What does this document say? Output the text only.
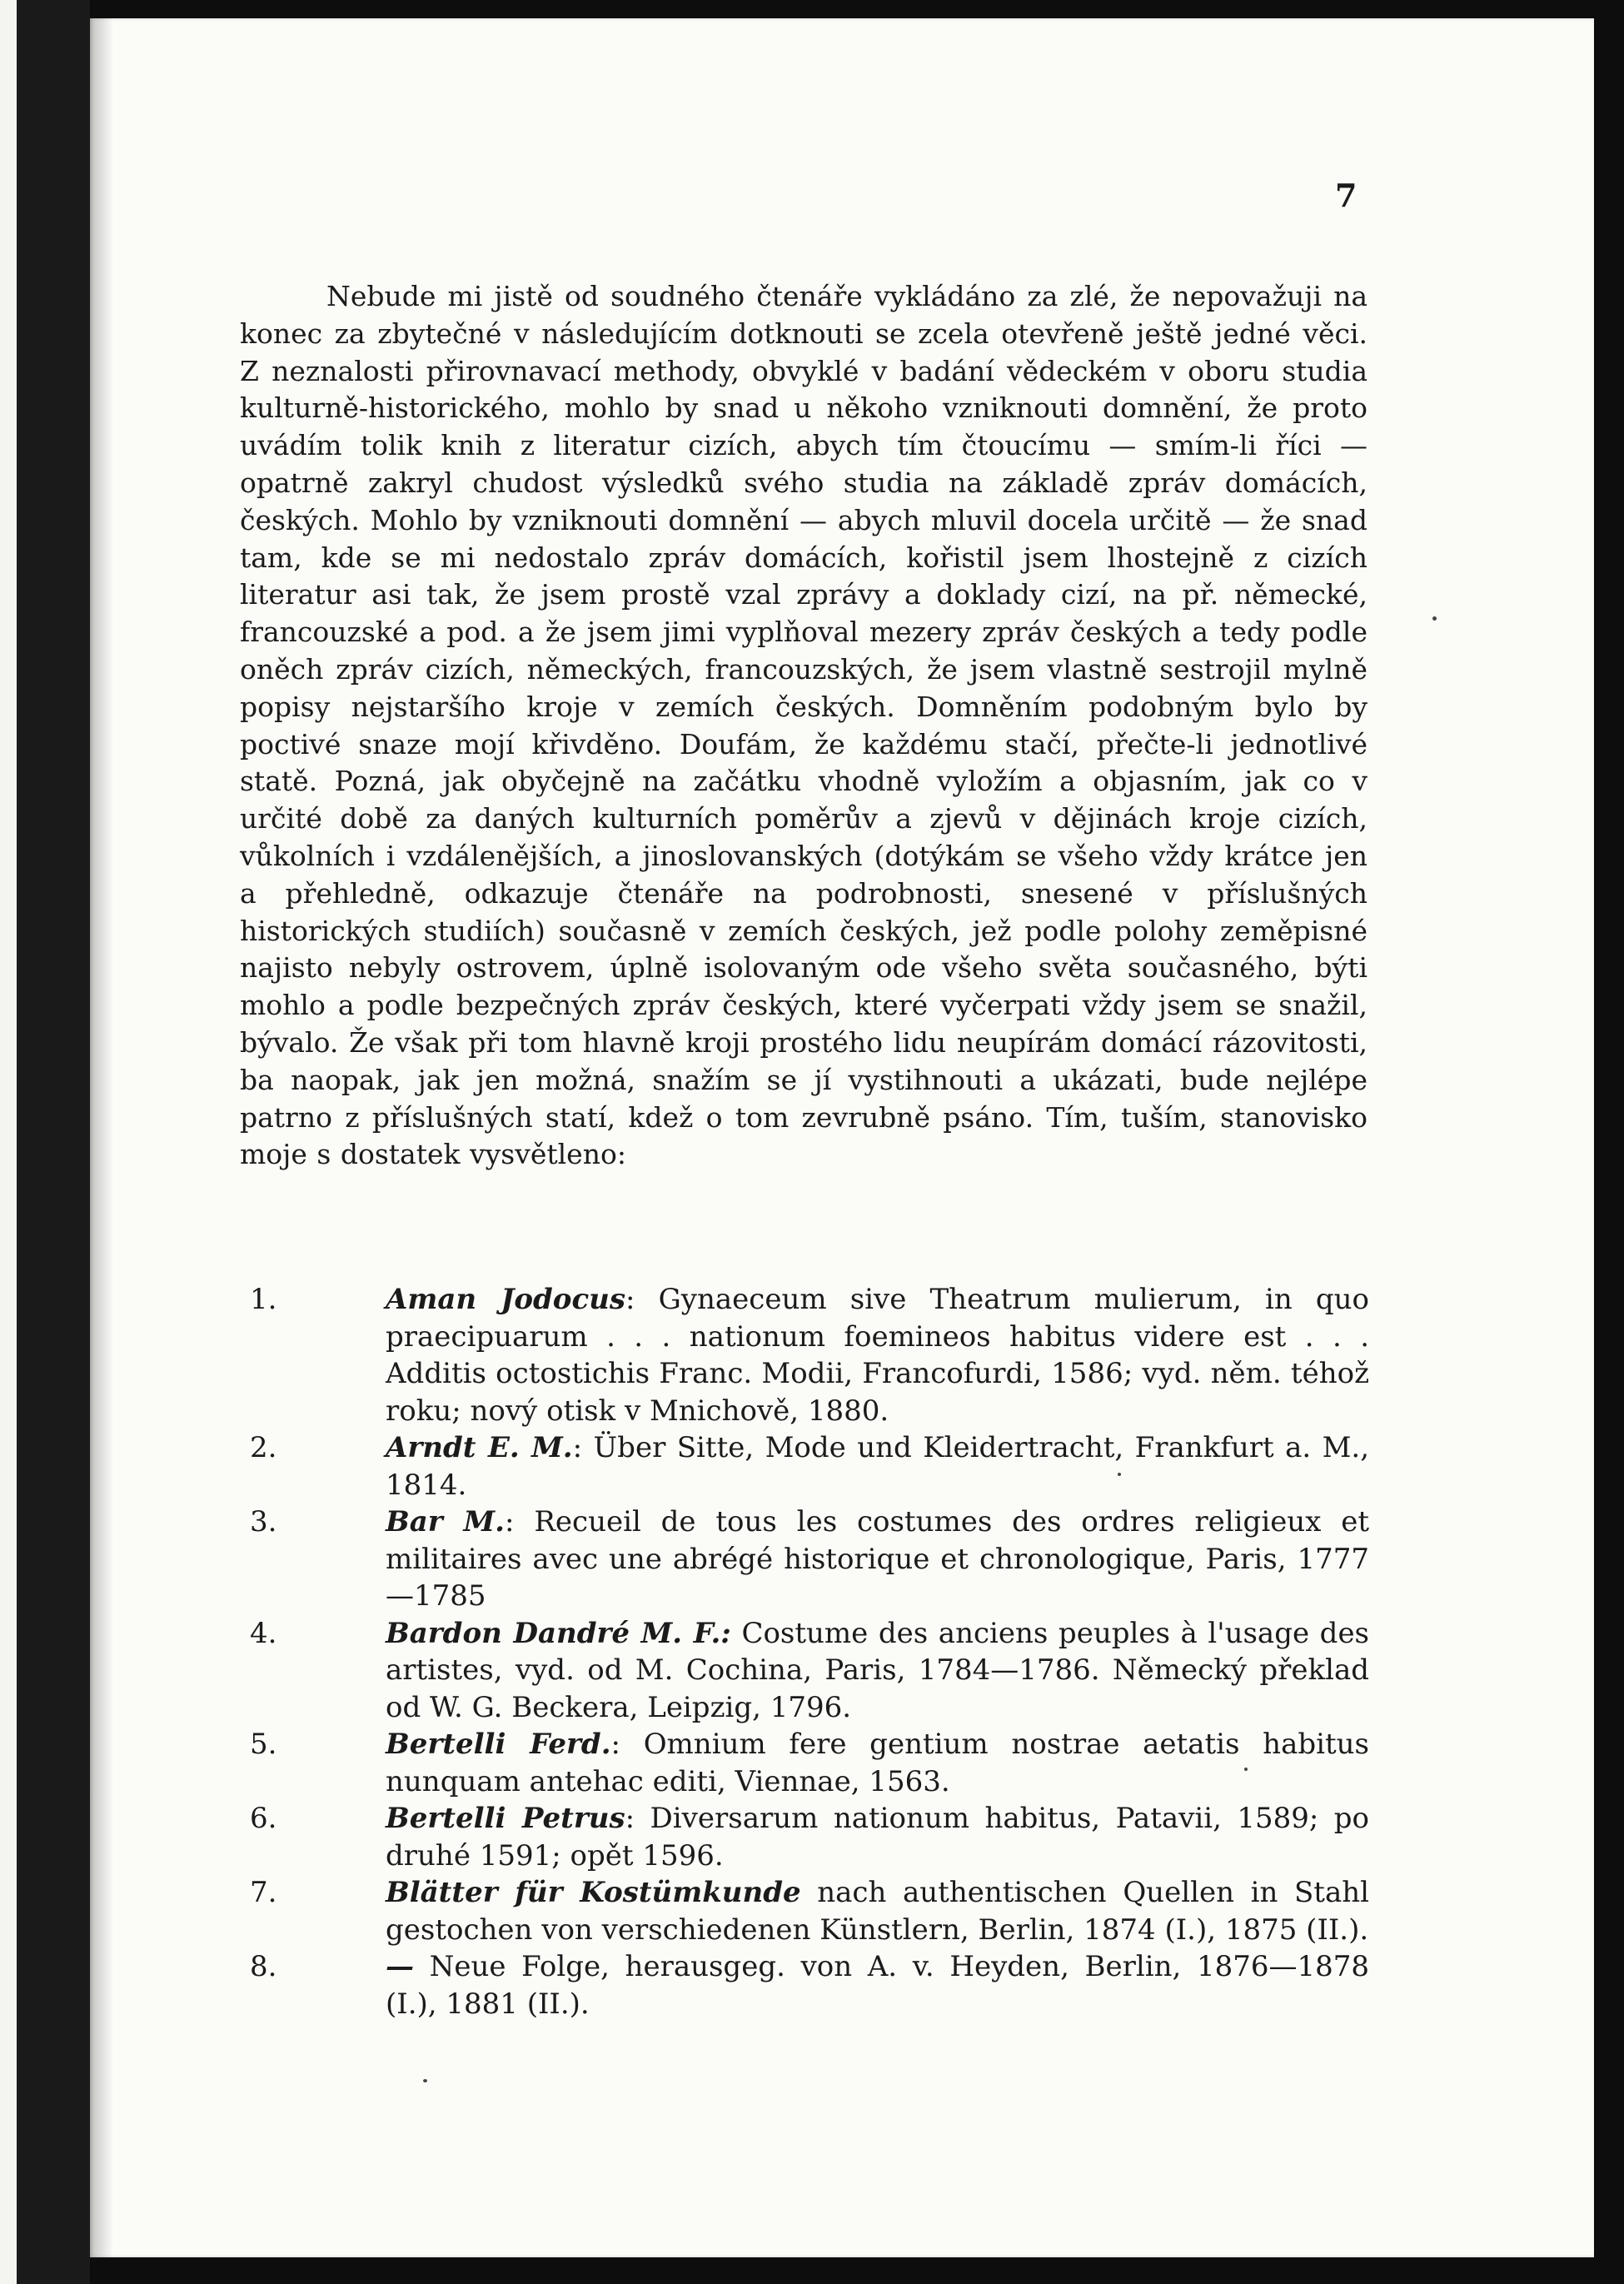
7

Nebude mi jistě od soudného čtenáře vykládáno za zlé, že nepovažuji na konec za zbytečné v následujícím dotknouti se zcela otevřeně ještě jedné věci. Z neznalosti přirovnavací methody, obvyklé v badání vědeckém v oboru studia kulturně-historického, mohlo by snad u někoho vzniknouti domnění, že proto uvádím tolik knih z literatur cizích, abych tím čtoucímu — smím-li říci — opatrně zakryl chudost výsledků svého studia na základě zpráv domácích, českých. Mohlo by vzniknouti domnění — abych mluvil docela určitě — že snad tam, kde se mi nedostalo zpráv domácích, kořistil jsem lhostejně z cizích literatur asi tak, že jsem prostě vzal zprávy a doklady cizí, na př. německé, francouzské a pod. a že jsem jimi vyplňoval mezery zpráv českých a tedy podle oněch zpráv cizích, německých, francouzských, že jsem vlastně sestrojil mylně popisy nejstaršího kroje v zemích českých. Domněním podobným bylo by poctivé snaze mojí křivděno. Doufám, že každému stačí, přečte-li jednotlivé statě. Pozná, jak obyčejně na začátku vhodně vyložím a objasním, jak co v určité době za daných kulturních poměrův a zjevů v dějinách kroje cizích, vůkolních i vzdálenějších, a jinoslovanských (dotýkám se všeho vždy krátce jen a přehledně, odkazuje čtenáře na podrobnosti, snesené v příslušných historických studiích) současně v zemích českých, jež podle polohy zeměpisné najisto nebyly ostrovem, úplně isolovaným ode všeho světa současného, býti mohlo a podle bezpečných zpráv českých, které vyčerpati vždy jsem se snažil, bývalo. Že však při tom hlavně kroji prostého lidu neupírám domácí rázovitosti, ba naopak, jak jen možná, snažím se jí vystihnouti a ukázati, bude nejlépe patrno z příslušných statí, kdež o tom zevrubně psáno. Tím, tuším, stanovisko moje s dostatek vysvětleno:

1.	Aman Jodocus: Gynaeceum sive Theatrum mulierum, in quo praecipuarum . . . nationum foemineos habitus videre est . . . Additis octostichis Franc. Modii, Francofurdi, 1586; vyd. něm. téhož roku; nový otisk v Mnichově, 1880.
2.	Arndt E. M.: Über Sitte, Mode und Kleidertracht, Frankfurt a. M., 1814.
3.	Bar M.: Recueil de tous les costumes des ordres religieux et militaires avec une abrégé historique et chronologique, Paris, 1777—1785
4.	Bardon Dandré M. F.: Costume des anciens peuples à l'usage des artistes, vyd. od M. Cochina, Paris, 1784—1786. Německý překlad od W. G. Beckera, Leipzig, 1796.
5.	Bertelli Ferd.: Omnium fere gentium nostrae aetatis habitus nunquam antehac editi, Viennae, 1563.
6.	Bertelli Petrus: Diversarum nationum habitus, Patavii, 1589; po druhé 1591; opět 1596.
7.	Blätter für Kostümkunde nach authentischen Quellen in Stahl gestochen von verschiedenen Künstlern, Berlin, 1874 (I.), 1875 (II.).
8.	— Neue Folge, herausgeg. von A. v. Heyden, Berlin, 1876—1878 (I.), 1881 (II.).
